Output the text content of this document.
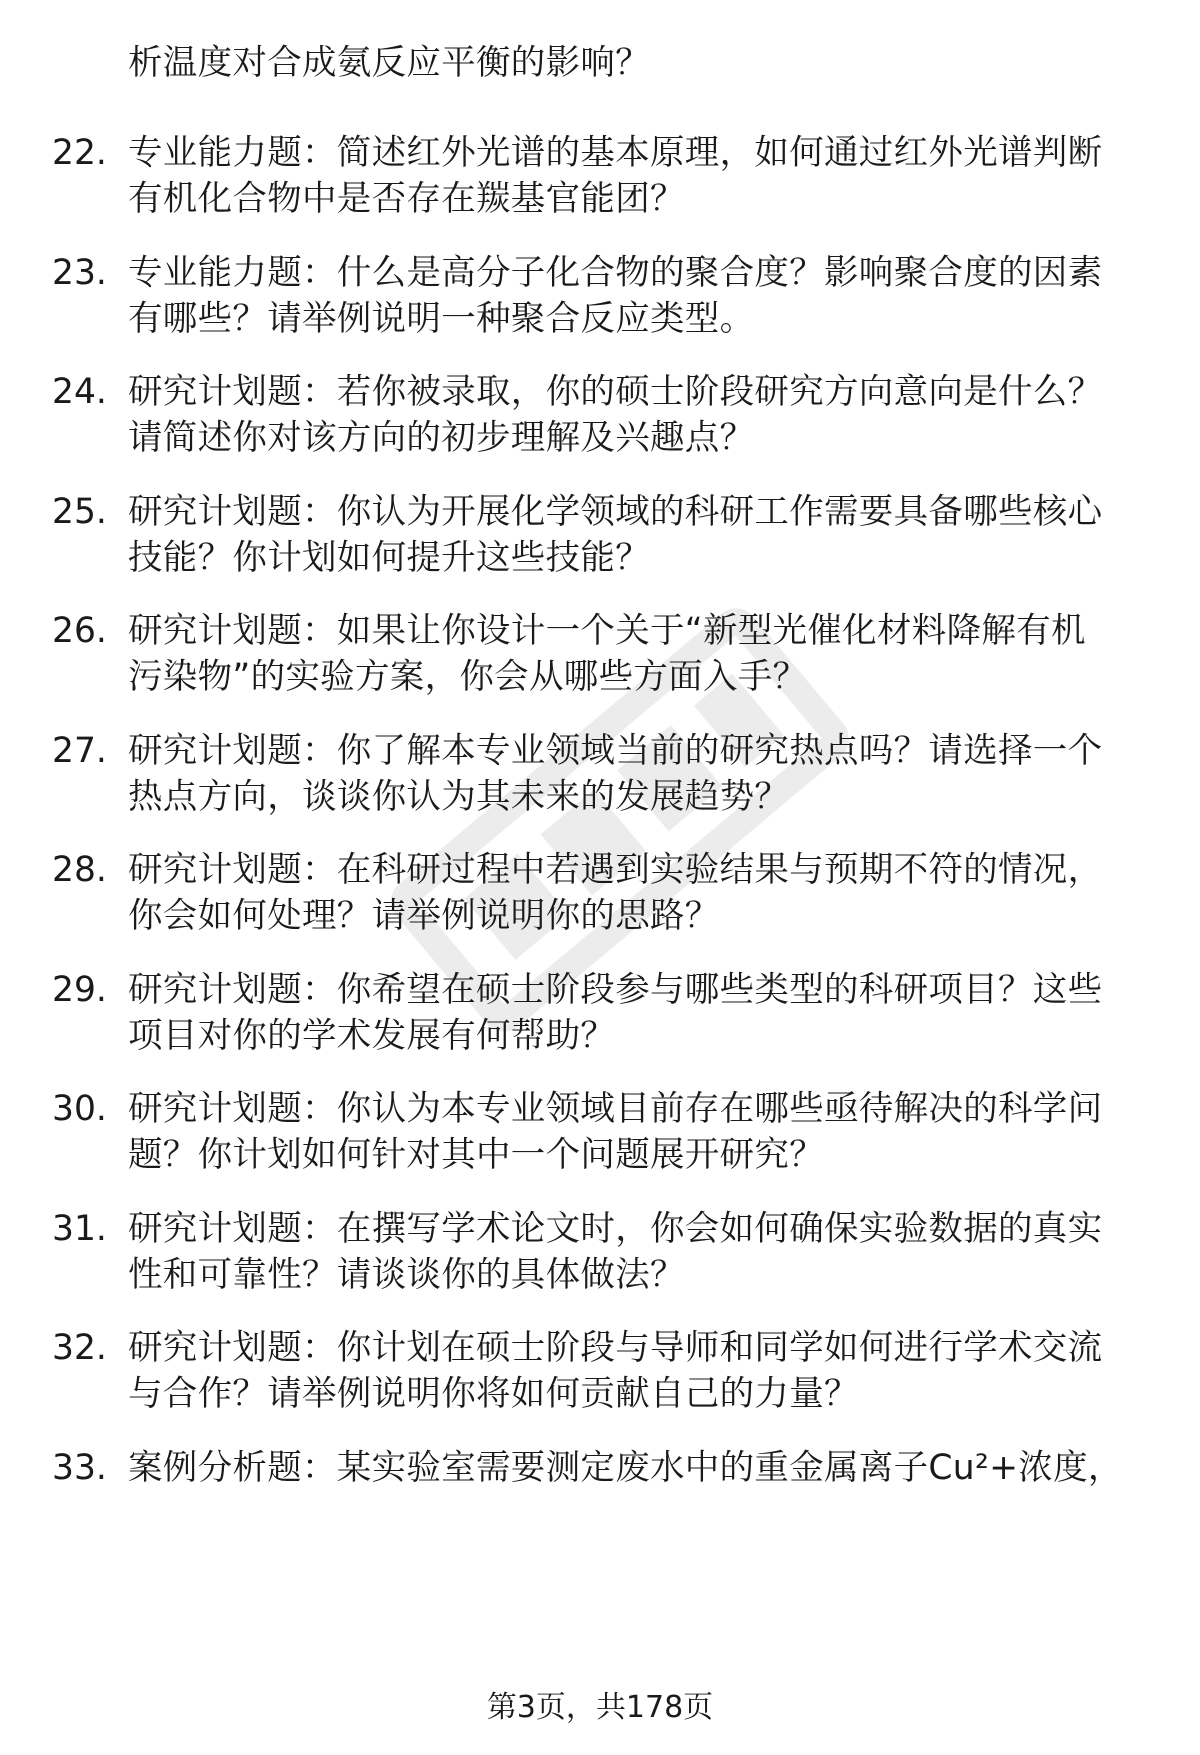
析温度对合成氨反应平衡的影响？
22. 专业能力题：简述红外光谱的基本原理，如何通过红外光谱判断
有机化合物中是否存在羰基官能团？
23. 专业能力题：什么是高分子化合物的聚合度？影响聚合度的因素
有哪些？请举例说明一种聚合反应类型。
24. 研究计划题：若你被录取，你的硕士阶段研究方向意向是什么？
请简述你对该方向的初步理解及兴趣点？
25. 研究计划题：你认为开展化学领域的科研工作需要具备哪些核心
技能？你计划如何提升这些技能？
26. 研究计划题：如果让你设计一个关于“新型光催化材料降解有机
污染物”的实验方案，你会从哪些方面入手？
27. 研究计划题：你了解本专业领域当前的研究热点吗？请选择一个
热点方向，谈谈你认为其未来的发展趋势？
28. 研究计划题：在科研过程中若遇到实验结果与预期不符的情况，
你会如何处理？请举例说明你的思路？
29. 研究计划题：你希望在硕士阶段参与哪些类型的科研项目？这些
项目对你的学术发展有何帮助？
30. 研究计划题：你认为本专业领域目前存在哪些亟待解决的科学问
题？你计划如何针对其中一个问题展开研究？
31. 研究计划题：在撰写学术论文时，你会如何确保实验数据的真实
性和可靠性？请谈谈你的具体做法？
32. 研究计划题：你计划在硕士阶段与导师和同学如何进行学术交流
与合作？请举例说明你将如何贡献自己的力量？
33. 案例分析题：某实验室需要测定废水中的重金属离子Cu²+浓度，
第3页，共178页
